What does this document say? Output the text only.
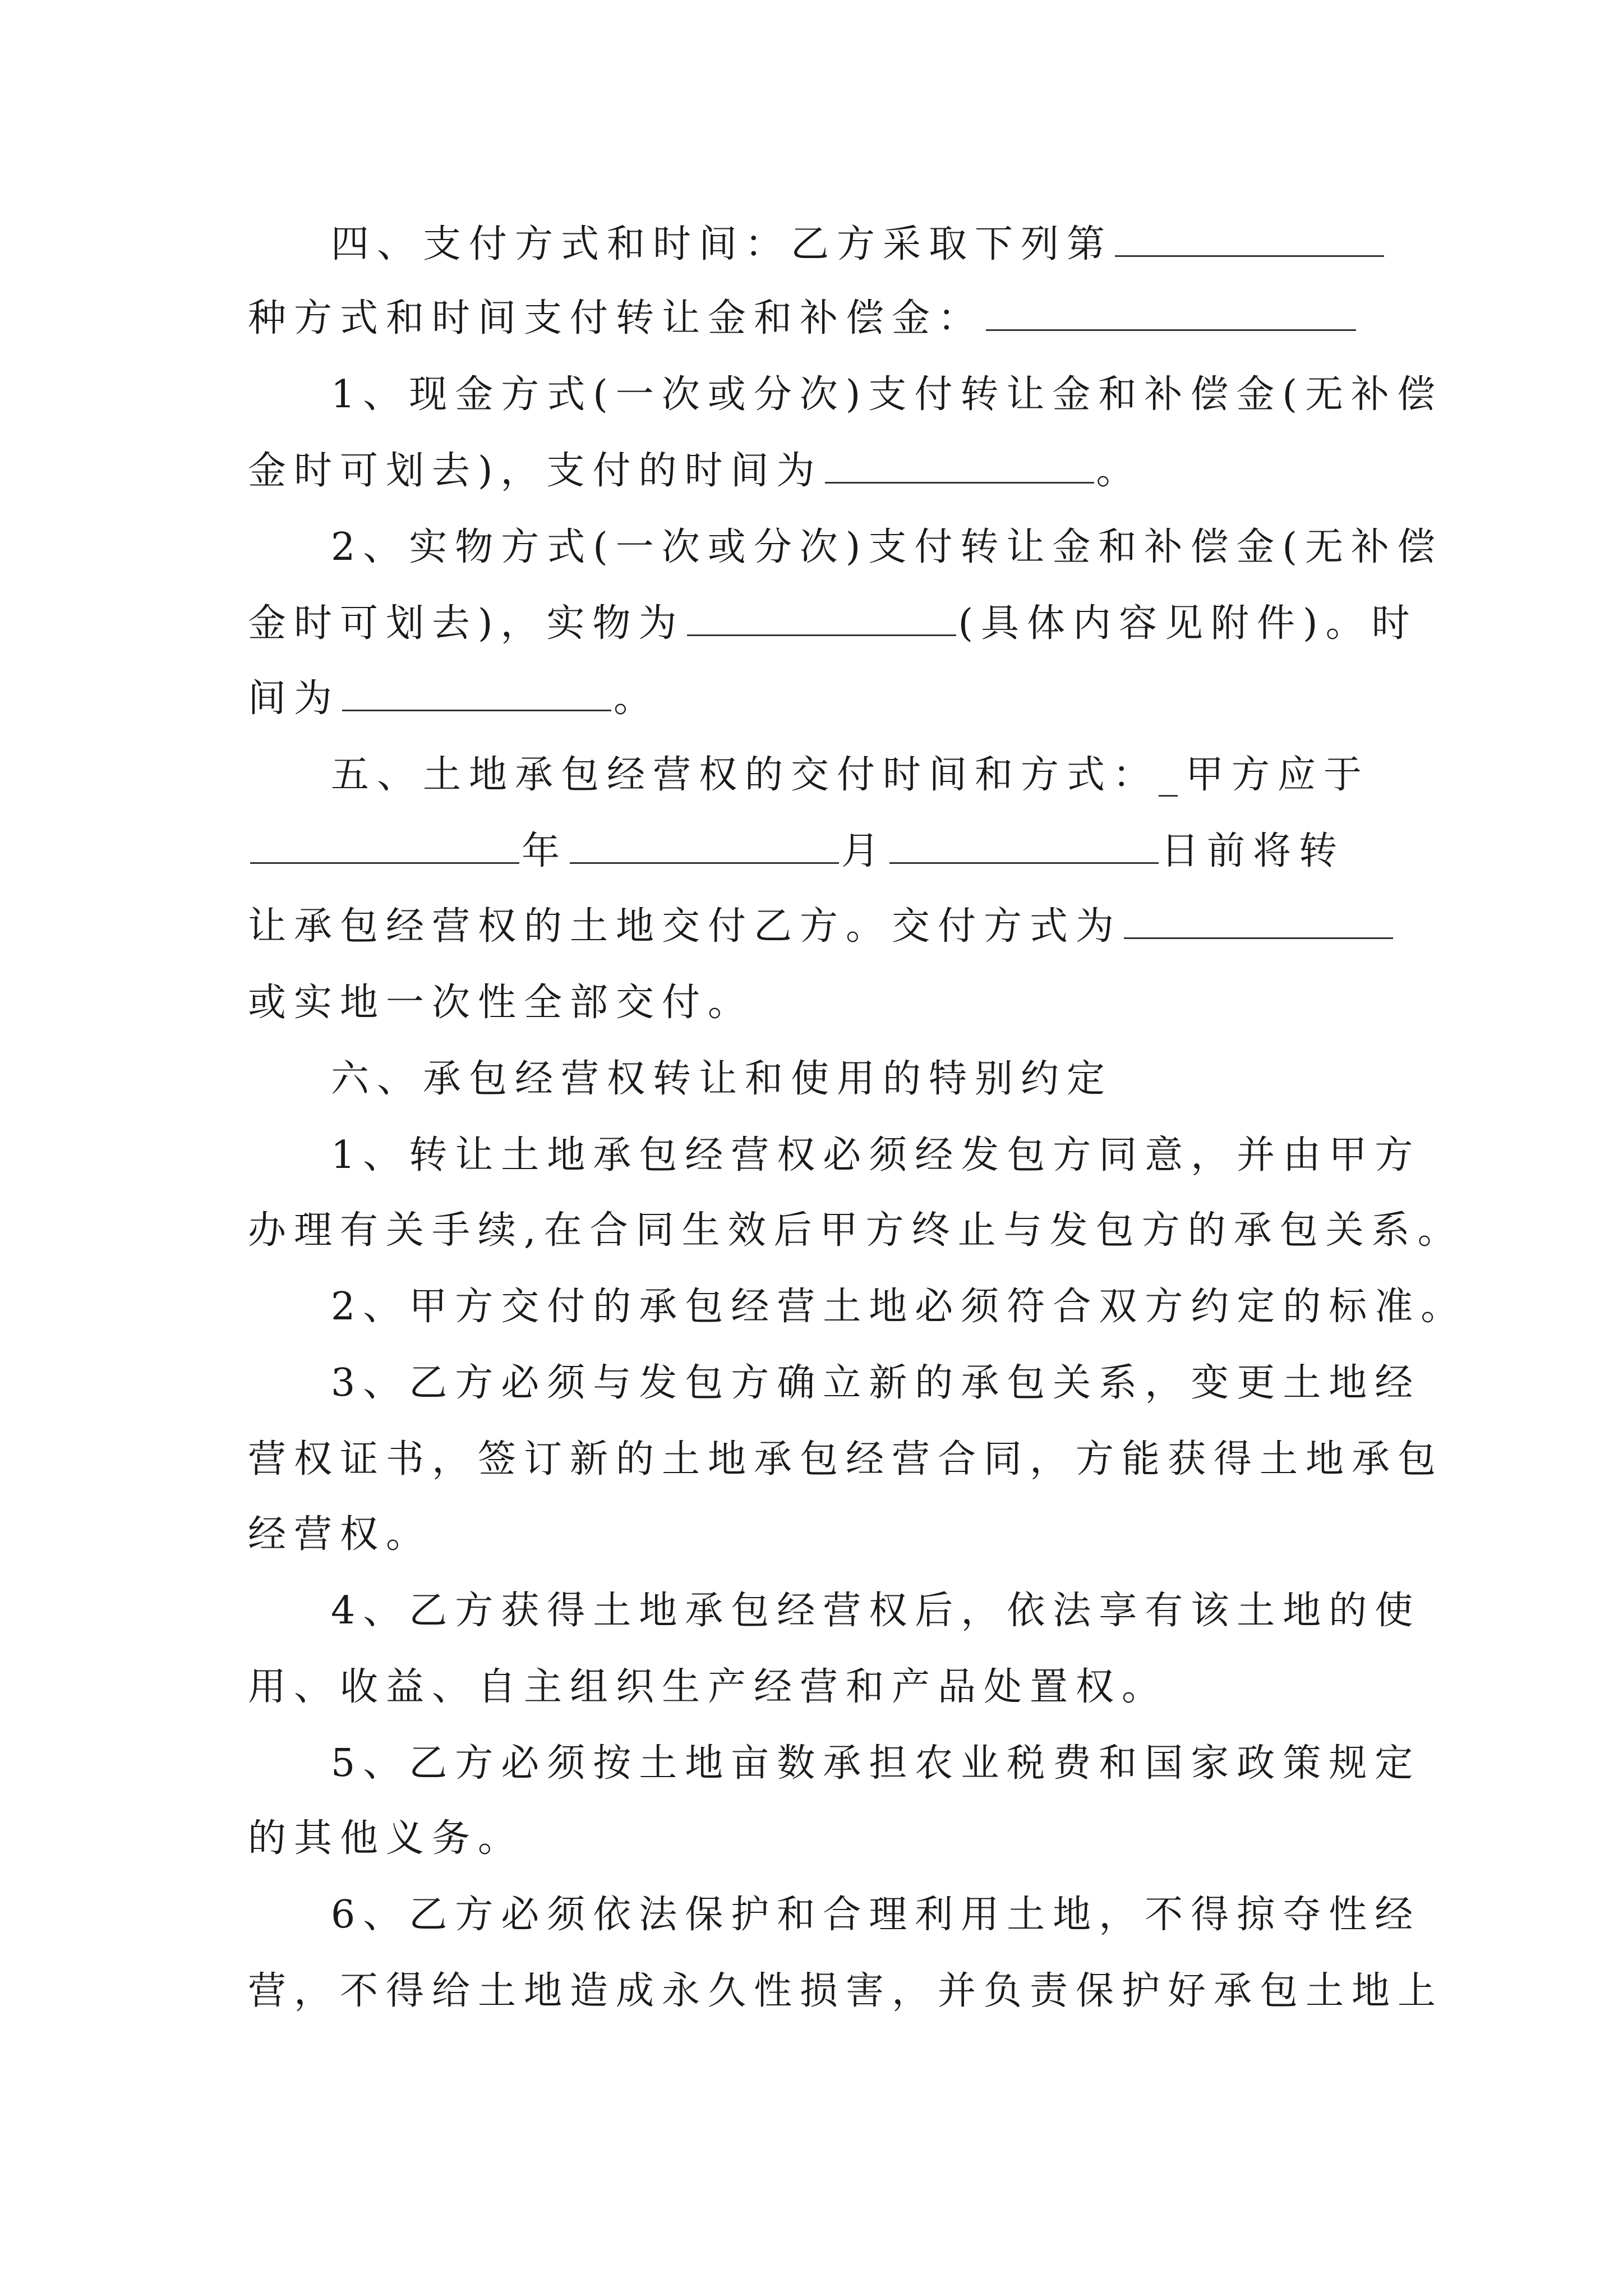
四、支付方式和时间：乙方采取下列第
种方式和时间支付转让金和补偿金：
1、现金方式(一次或分次)支付转让金和补偿金(无补偿
金时可划去)，支付的时间为	。
2、实物方式(一次或分次)支付转让金和补偿金(无补偿
金时可划去)，实物为	(具体内容见附件)。时
间为	。
五、土地承包经营权的交付时间和方式：_甲方应于
年	月	日前将转
让承包经营权的土地交付乙方。交付方式为
或实地一次性全部交付。
六、承包经营权转让和使用的特别约定
1、转让土地承包经营权必须经发包方同意，并由甲方
办理有关手续,在合同生效后甲方终止与发包方的承包关系。
2、甲方交付的承包经营土地必须符合双方约定的标准。
3、乙方必须与发包方确立新的承包关系，变更土地经
营权证书，签订新的土地承包经营合同，方能获得土地承包
经营权。
4、乙方获得土地承包经营权后，依法享有该土地的使
用、收益、自主组织生产经营和产品处置权。
5、乙方必须按土地亩数承担农业税费和国家政策规定
的其他义务。
6、乙方必须依法保护和合理利用土地，不得掠夺性经
营，不得给土地造成永久性损害，并负责保护好承包土地上
